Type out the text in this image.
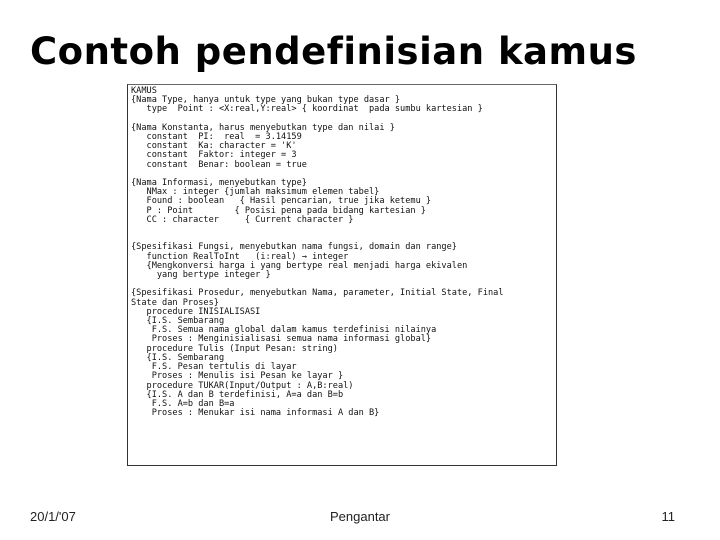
Contoh pendefinisian kamus
KAMUS
{Nama Type, hanya untuk type yang bukan type dasar }
type  Point : <X:real,Y:real> { koordinat  pada sumbu kartesian }

{Nama Konstanta, harus menyebutkan type dan nilai }
constant  PI:  real  = 3.14159
constant  Ka: character = 'K'
constant  Faktor: integer = 3
constant  Benar: boolean = true

{Nama Informasi, menyebutkan type}
NMax : integer {jumlah maksimum elemen tabel}
Found : boolean   { Hasil pencarian, true jika ketemu }
P : Point        { Posisi pena pada bidang kartesian }
CC : character     { Current character }

{Spesifikasi Fungsi, menyebutkan nama fungsi, domain dan range}
function RealToInt   (i:real) → integer
{Mengkonversi harga i yang bertype real menjadi harga ekivalen
yang bertype integer }

{Spesifikasi Prosedur, menyebutkan Nama, parameter, Initial State, Final
State dan Proses}
procedure INISIALISASI
{I.S. Sembarang
F.S. Semua nama global dalam kamus terdefinisi nilainya
Proses : Menginisialisasi semua nama informasi global}
procedure Tulis (Input Pesan: string)
{I.S. Sembarang
F.S. Pesan tertulis di layar
Proses : Menulis isi Pesan ke layar }
procedure TUKAR(Input/Output : A,B:real)
{I.S. A dan B terdefinisi, A=a dan B=b
F.S. A=b dan B=a
Proses : Menukar isi nama informasi A dan B}

20/1/'07	Pengantar	11
